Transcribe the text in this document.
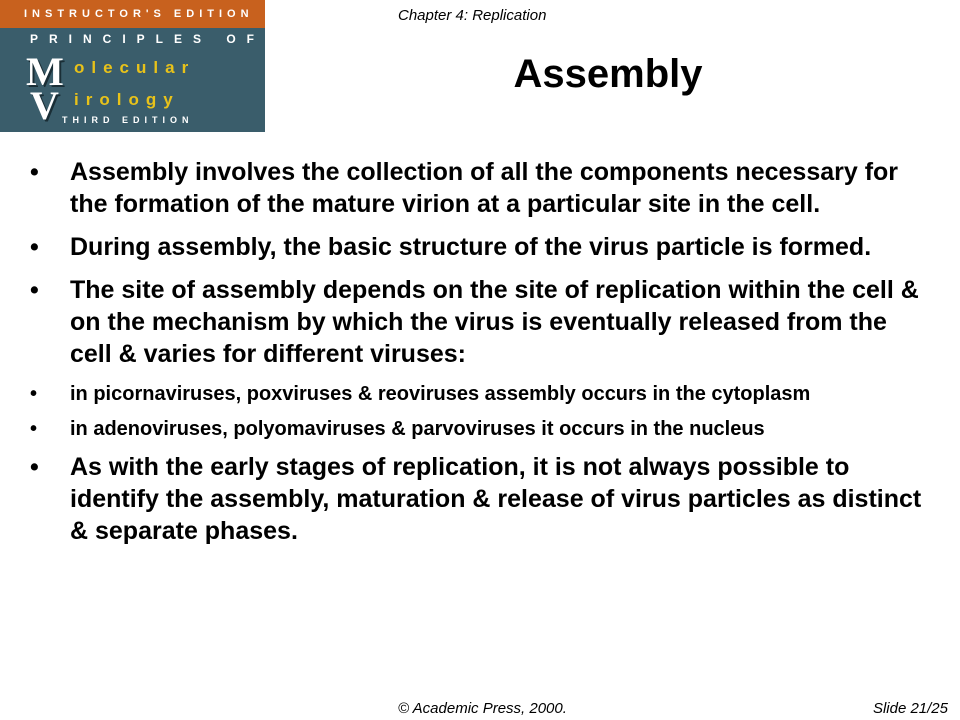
INSTRUCTOR'S EDITION
PRINCIPLES OF
M olecular
V irology
THIRD EDITION
Chapter 4: Replication
Assembly
• Assembly involves the collection of all the components necessary for the formation of the mature virion at a particular site in the cell.
• During assembly, the basic structure of the virus particle is formed.
• The site of assembly depends on the site of replication within the cell & on the mechanism by which the virus is eventually released from the cell & varies for different viruses:
• in picornaviruses, poxviruses & reoviruses assembly occurs in the cytoplasm
• in adenoviruses, polyomaviruses & parvoviruses it occurs in the nucleus
• As with the early stages of replication, it is not always possible to identify the assembly, maturation & release of virus particles as distinct & separate phases.
© Academic Press, 2000.	Slide 21/25
